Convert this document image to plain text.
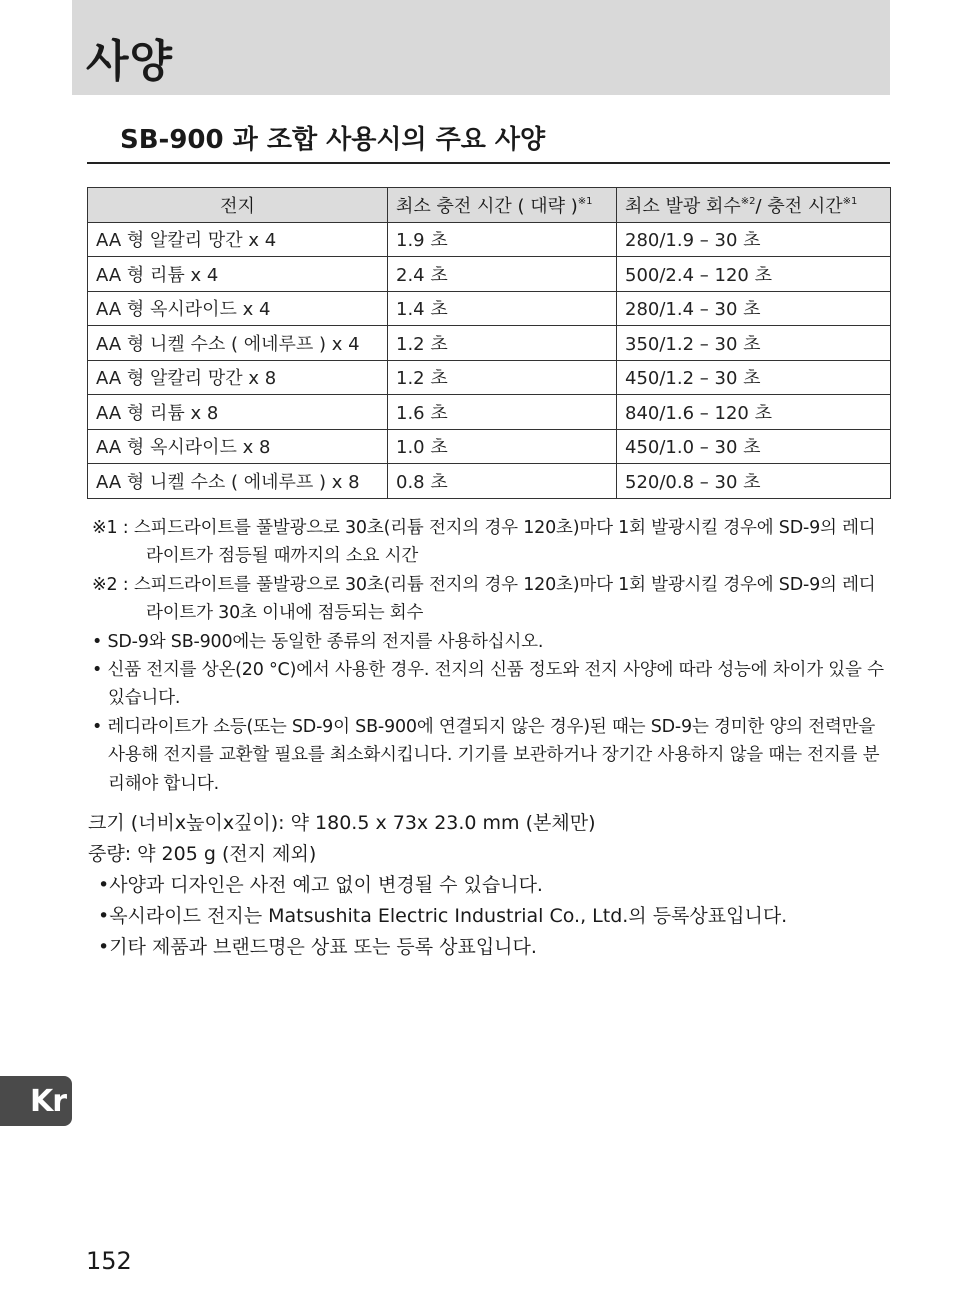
사양
SB-900 과 조합 사용시의 주요 사양
전지	최소 충전 시간 ( 대략 )$^{※1}$	최소 발광 회수$^{※2}$/ 충전 시간$^{※1}$
AA 형 알칼리 망간 x 4	1.9 초	280/1.9 – 30 초
AA 형 리튬 x 4	2.4 초	500/2.4 – 120 초
AA 형 옥시라이드 x 4	1.4 초	280/1.4 – 30 초
AA 형 니켈 수소 ( 에네루프 ) x 4	1.2 초	350/1.2 – 30 초
AA 형 알칼리 망간 x 8	1.2 초	450/1.2 – 30 초
AA 형 리튬 x 8	1.6 초	840/1.6 – 120 초
AA 형 옥시라이드 x 8	1.0 초	450/1.0 – 30 초
AA 형 니켈 수소 ( 에네루프 ) x 8	0.8 초	520/0.8 – 30 초

※1 : 스피드라이트를 풀발광으로 30초(리튬 전지의 경우 120초)마다 1회 발광시킬 경우에 SD-9의 레디라이트가 점등될 때까지의 소요 시간

※2 : 스피드라이트를 풀발광으로 30초(리튬 전지의 경우 120초)마다 1회 발광시킬 경우에 SD-9의 레디라이트가 30초 이내에 점등되는 회수

• SD-9와 SB-900에는 동일한 종류의 전지를 사용하십시오.

• 신품 전지를 상온(20 °C)에서 사용한 경우. 전지의 신품 정도와 전지 사양에 따라 성능에 차이가 있을 수 있습니다.

• 레디라이트가 소등(또는 SD-9이 SB-900에 연결되지 않은 경우)된 때는 SD-9는 경미한 양의 전력만을 사용해 전지를 교환할 필요를 최소화시킵니다. 기기를 보관하거나 장기간 사용하지 않을 때는 전지를 분리해야 합니다.

크기 (너비x높이x깊이): 약 180.5 x 73x 23.0 mm (본체만)

중량: 약 205 g (전지 제외)

•사양과 디자인은 사전 예고 없이 변경될 수 있습니다.

•옥시라이드 전지는 Matsushita Electric Industrial Co., Ltd.의 등록상표입니다.

•기타 제품과 브랜드명은 상표 또는 등록 상표입니다.

Kr
152
